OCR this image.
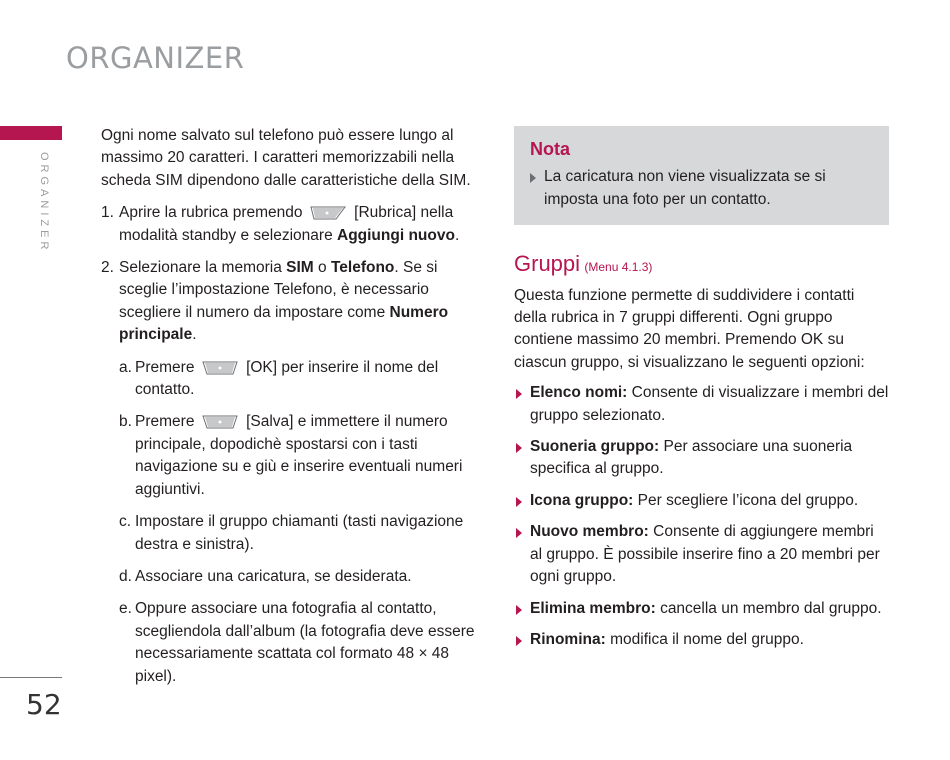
ORGANIZER
ORGANIZER
52

Ogni nome salvato sul telefono può essere lungo al massimo 20 caratteri. I caratteri memorizzabili nella scheda SIM dipendono dalle caratteristiche della SIM.

1. Aprire la rubrica premendo	[Rubrica] nella modalità standby e selezionare Aggiungi nuovo.
2. Selezionare la memoria SIM o Telefono. Se si sceglie l’impostazione Telefono, è necessario scegliere il numero da impostare come Numero principale.
a. Premere	[OK] per inserire il nome del contatto.
b. Premere	[Salva] e immettere il numero principale, dopodichè spostarsi con i tasti navigazione su e giù e inserire eventuali numeri aggiuntivi.
c. Impostare il gruppo chiamanti (tasti navigazione destra e sinistra).
d. Associare una caricatura, se desiderata.
e. Oppure associare una fotografia al contatto, scegliendola dall’album (la fotografia deve essere necessariamente scattata col formato 48 × 48 pixel).
Nota
La caricatura non viene visualizzata se si imposta una foto per un contatto.
Gruppi (Menu 4.1.3)

Questa funzione permette di suddividere i contatti della rubrica in 7 gruppi differenti. Ogni gruppo contiene massimo 20 membri. Premendo OK su ciascun gruppo, si visualizzano le seguenti opzioni:

Elenco nomi: Consente di visualizzare i membri del gruppo selezionato.
Suoneria gruppo: Per associare una suoneria specifica al gruppo.
Icona gruppo: Per scegliere l’icona del gruppo.
Nuovo membro: Consente di aggiungere membri al gruppo. È possibile inserire fino a 20 membri per ogni gruppo.
Elimina membro: cancella un membro dal gruppo.
Rinomina: modifica il nome del gruppo.
